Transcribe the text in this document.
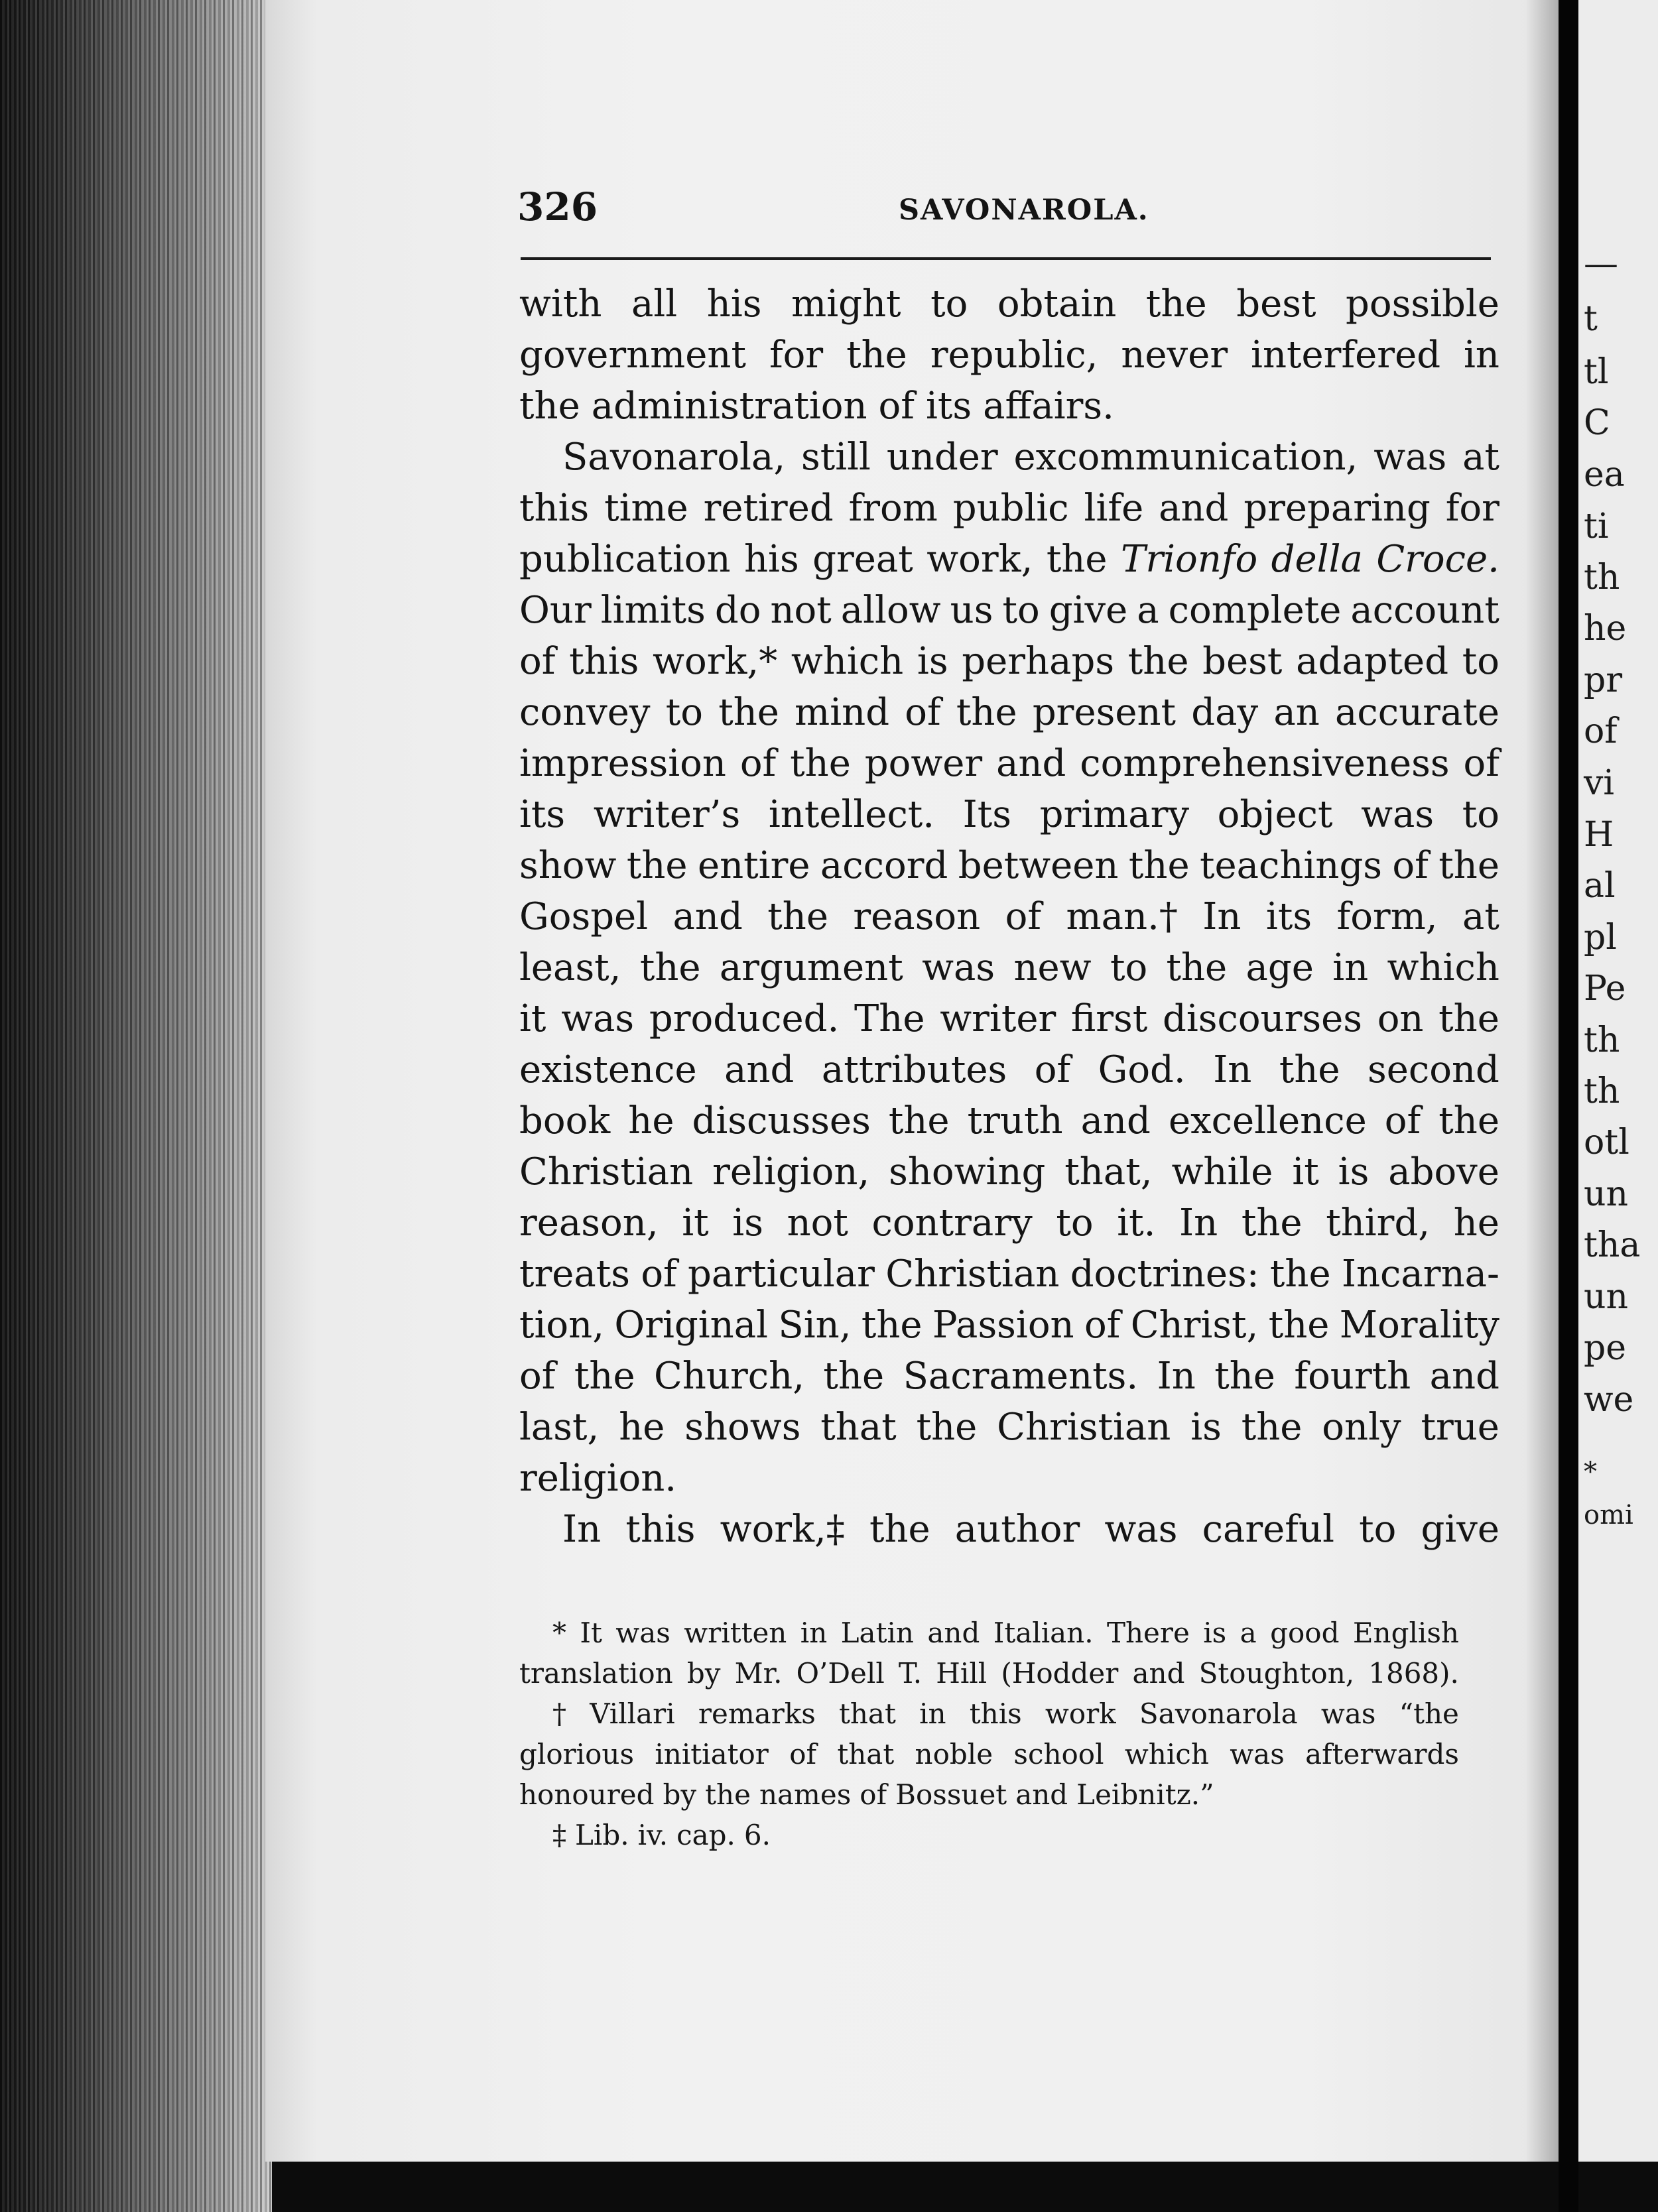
—
t
tl
C
ea
ti
th
he
pr
of
vi
H
al
pl
Pe
th
th
otl
un
tha
un
pe
we
*
omi
326	SAVONAROLA.
with all his might to obtain the best possible
government for the republic, never interfered in
the administration of its affairs.
Savonarola, still under excommunication, was at
this time retired from public life and preparing for
publication his great work, the Trionfo della Croce.
Our limits do not allow us to give a complete account
of this work,* which is perhaps the best adapted to
convey to the mind of the present day an accurate
impression of the power and comprehensiveness of
its writer’s intellect. Its primary object was to
show the entire accord between the teachings of the
Gospel and the reason of man.† In its form, at
least, the argument was new to the age in which
it was produced. The writer first discourses on the
existence and attributes of God. In the second
book he discusses the truth and excellence of the
Christian religion, showing that, while it is above
reason, it is not contrary to it. In the third, he
treats of particular Christian doctrines: the Incarna-
tion, Original Sin, the Passion of Christ, the Morality
of the Church, the Sacraments. In the fourth and
last, he shows that the Christian is the only true
religion.
In this work,‡ the author was careful to give
* It was written in Latin and Italian. There is a good English
translation by Mr. O’Dell T. Hill (Hodder and Stoughton, 1868).
† Villari remarks that in this work Savonarola was “the
glorious initiator of that noble school which was afterwards
honoured by the names of Bossuet and Leibnitz.”
‡ Lib. iv. cap. 6.
